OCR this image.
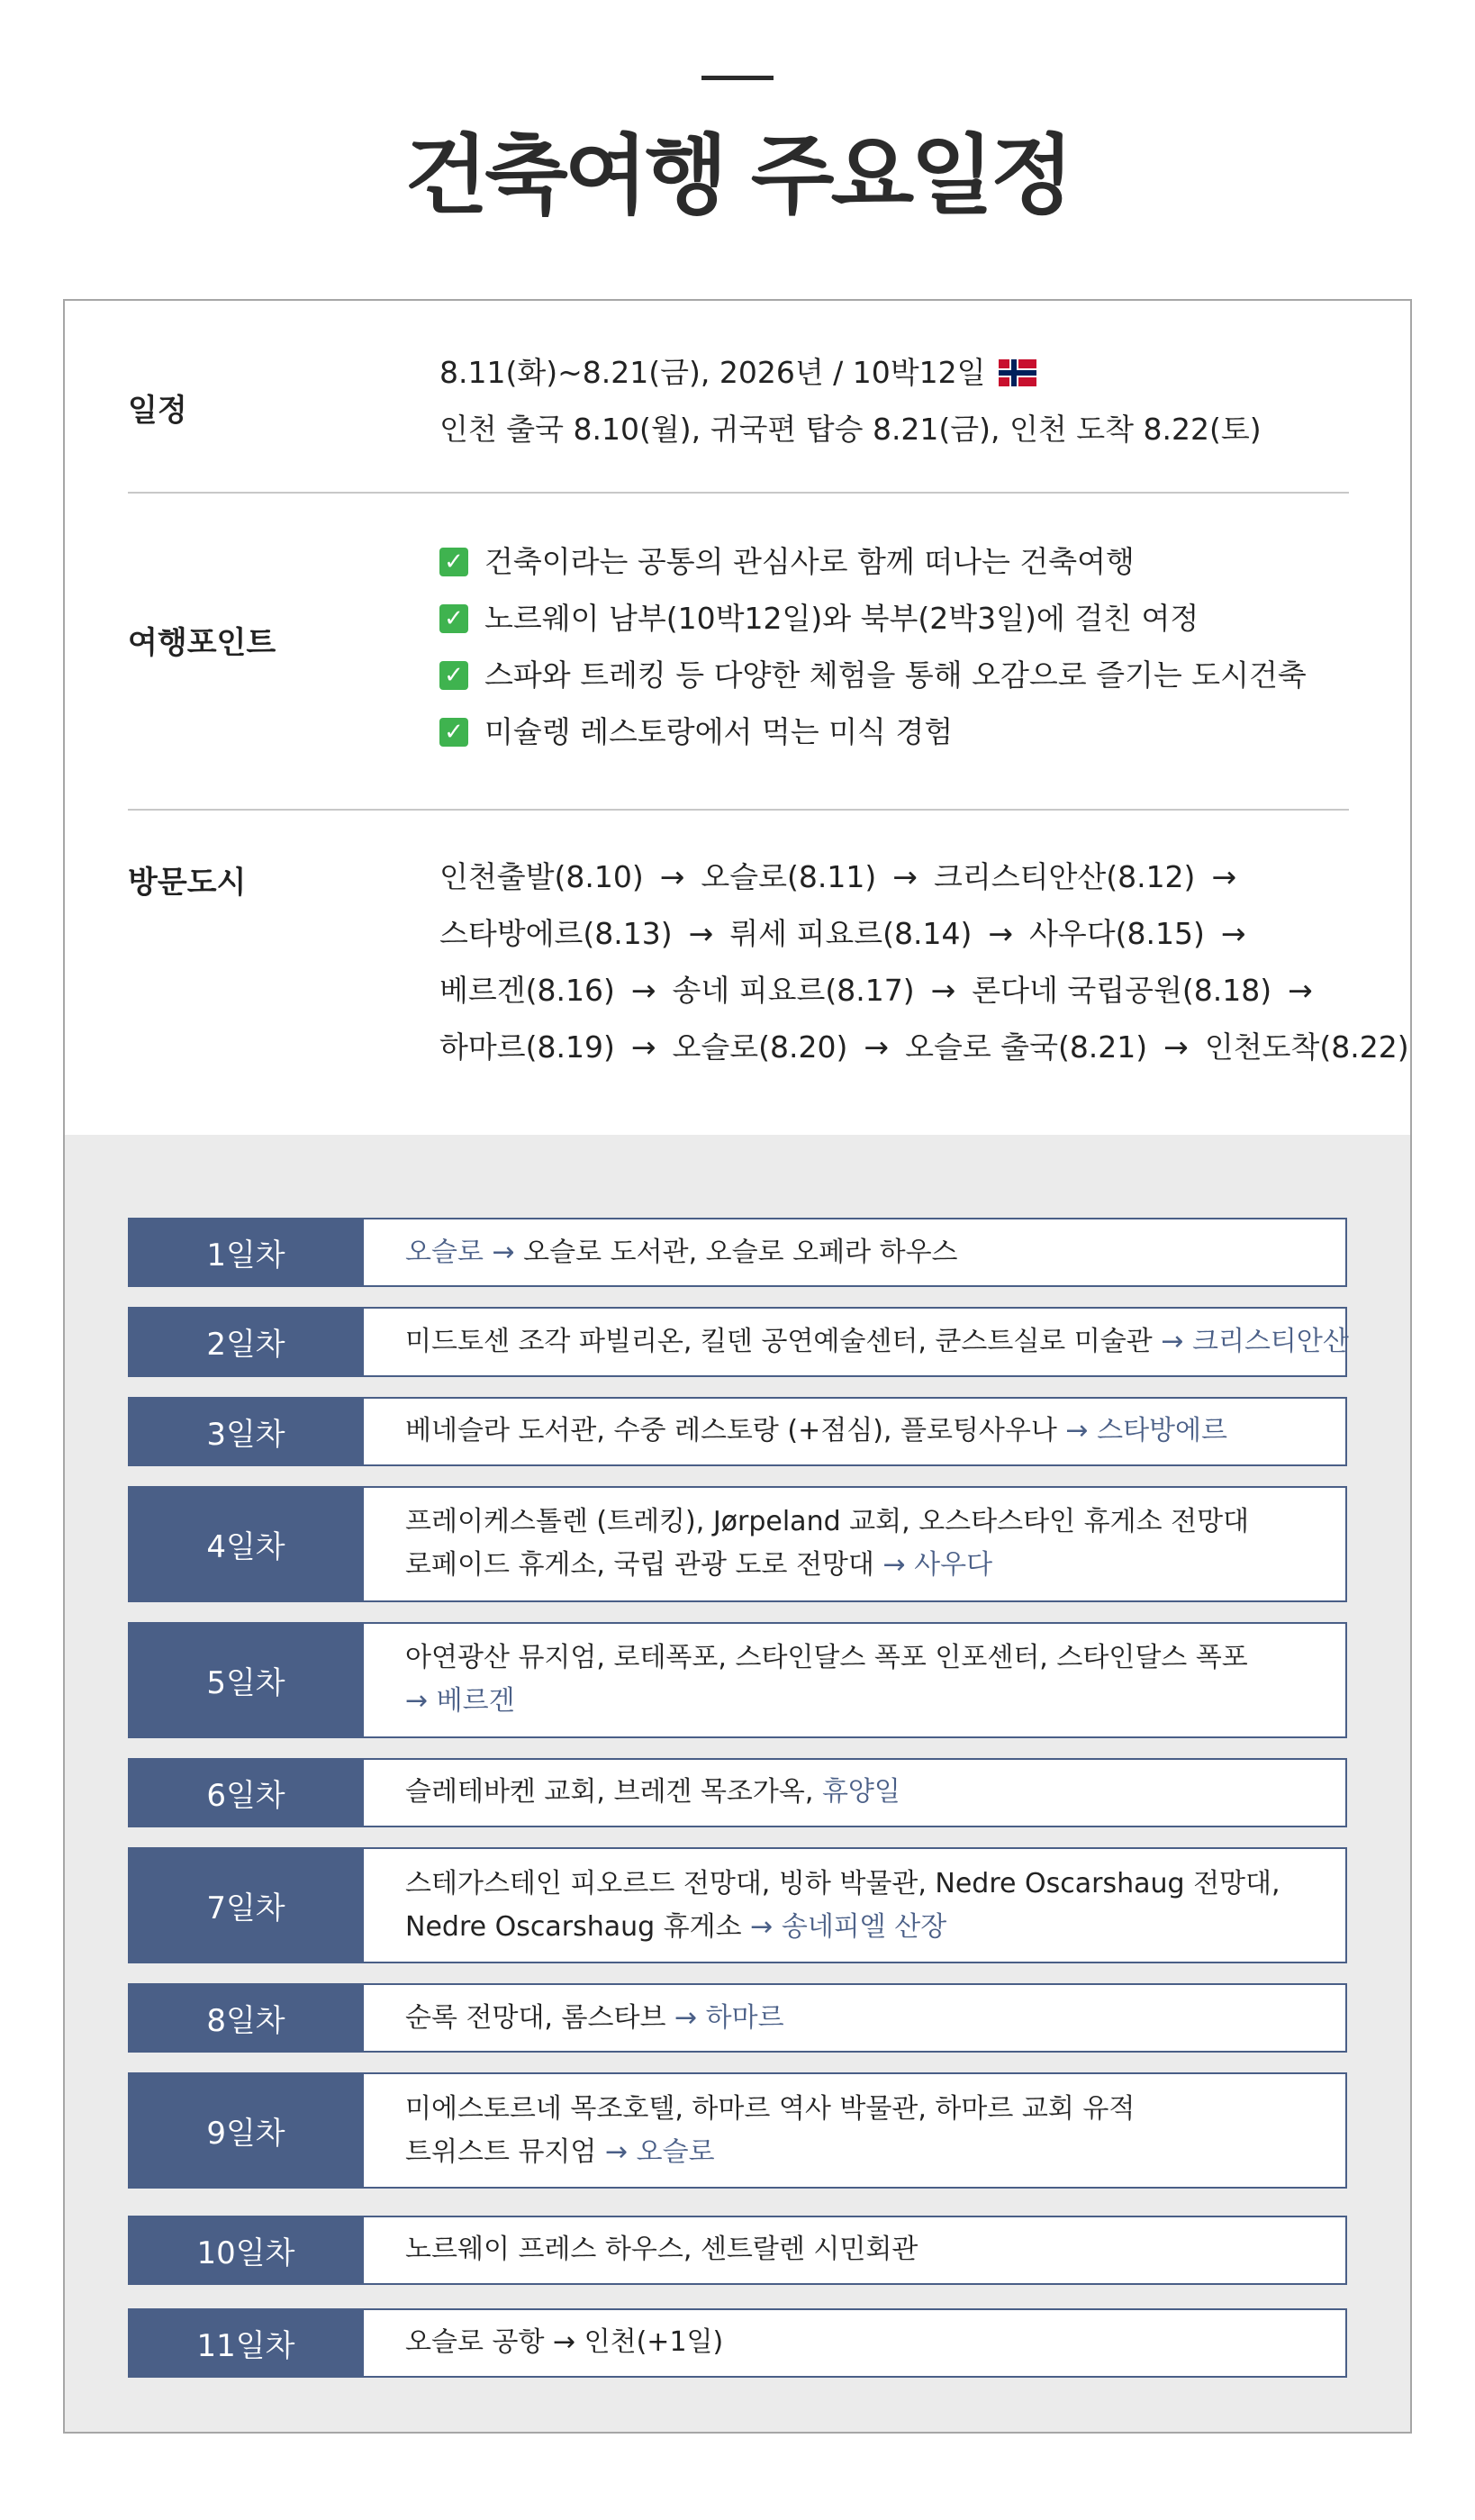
건축여행 주요일정
일정
8.11(화)~8.21(금), 2026년 / 10박12일
인천 출국 8.10(월), 귀국편 탑승 8.21(금), 인천 도착 8.22(토)
여행포인트
✓ 건축이라는 공통의 관심사로 함께 떠나는 건축여행
✓ 노르웨이 남부(10박12일)와 북부(2박3일)에 걸친 여정
✓ 스파와 트레킹 등 다양한 체험을 통해 오감으로 즐기는 도시건축
✓ 미슐렝 레스토랑에서 먹는 미식 경험
방문도시	인천출발(8.10) → 오슬로(8.11) → 크리스티안산(8.12) →
스타방에르(8.13) → 뤼세 피요르(8.14) → 사우다(8.15) →
베르겐(8.16) → 송네 피요르(8.17) → 론다네 국립공원(8.18) →
하마르(8.19) → 오슬로(8.20) → 오슬로 출국(8.21) → 인천도착(8.22)
1일차	오슬로 → 오슬로 도서관, 오슬로 오페라 하우스
2일차	미드토센 조각 파빌리온, 킬덴 공연예술센터, 쿤스트실로 미술관 → 크리스티안산
3일차	베네슬라 도서관, 수중 레스토랑 (+점심), 플로팅사우나 → 스타방에르
4일차
프레이케스톨렌 (트레킹), Jørpeland 교회, 오스타스타인 휴게소 전망대
로페이드 휴게소, 국립 관광 도로 전망대 → 사우다
5일차
아연광산 뮤지엄, 로테폭포, 스타인달스 폭포 인포센터, 스타인달스 폭포
→ 베르겐
6일차	슬레테바켄 교회, 브레겐 목조가옥, 휴양일
7일차
스테가스테인 피오르드 전망대, 빙하 박물관, Nedre Oscarshaug 전망대,
Nedre Oscarshaug 휴게소 → 송네피엘 산장
8일차	순록 전망대, 롬스타브 → 하마르
9일차
미에스토르네 목조호텔, 하마르 역사 박물관, 하마르 교회 유적
트위스트 뮤지엄 → 오슬로
10일차	노르웨이 프레스 하우스, 센트랄렌 시민회관
11일차	오슬로 공항 → 인천(+1일)
